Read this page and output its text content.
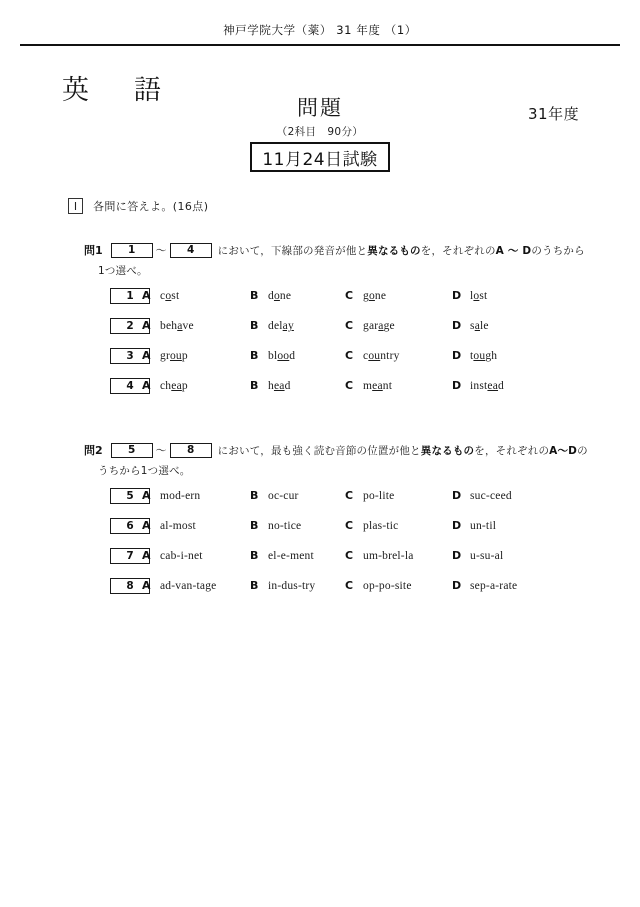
神戸学院大学（薬） 31 年度 （1）
英　語
問題
（2科目　90分）
11月24日試験
31年度
Ⅰ	各問に答えよ。(16点)
問1	1	～	4	において，下線部の発音が他と異なるものを，それぞれのA ～ Dのうちから
1つ選べ。
1 A cost	B done	C gone	D lost
2 A behave	B delay	C garage	D sale
3 A group	B blood	C country	D tough
4 A cheap	B head	C meant	D instead
問2	5	～	8	において，最も強く読む音節の位置が他と異なるものを，それぞれのA～Dの
うちから1つ選べ。
5 A mod-ern	B oc-cur	C po-lite	D suc-ceed
6 A al-most	B no-tice	C plas-tic	D un-til
7 A cab-i-net	B el-e-ment	C um-brel-la	D u-su-al
8 A ad-van-tage	B in-dus-try	C op-po-site	D sep-a-rate
